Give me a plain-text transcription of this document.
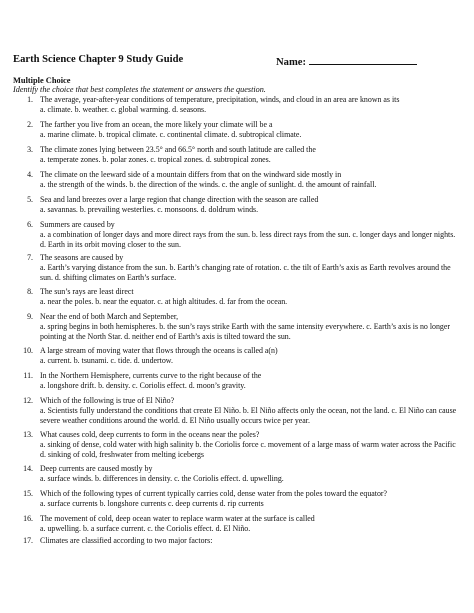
Earth Science Chapter 9 Study Guide	Name:
Multiple Choice
Identify the choice that best completes the statement or answers the question.
1. The average, year-after-year conditions of temperature, precipitation, winds, and cloud in an area are known as its
a. climate. b. weather. c. global warming. d. seasons.
2. The farther you live from an ocean, the more likely your climate will be a
a. marine climate. b. tropical climate. c. continental climate. d. subtropical climate.
3. The climate zones lying between 23.5° and 66.5° north and south latitude are called the
a. temperate zones. b. polar zones. c. tropical zones. d. subtropical zones.
4. The climate on the leeward side of a mountain differs from that on the windward side mostly in
a. the strength of the winds. b. the direction of the winds. c. the angle of sunlight. d. the amount of rainfall.
5. Sea and land breezes over a large region that change direction with the season are called
a. savannas. b. prevailing westerlies. c. monsoons. d. doldrum winds.
6. Summers are caused by
a. a combination of longer days and more direct rays from the sun. b. less direct rays from the sun. c. longer days and longer nights. d. Earth in its orbit moving closer to the sun.
7. The seasons are caused by
a. Earth’s varying distance from the sun. b. Earth’s changing rate of rotation. c. the tilt of Earth’s axis as Earth revolves around the sun. d. shifting climates on Earth’s surface.
8. The sun’s rays are least direct
a. near the poles. b. near the equator. c. at high altitudes. d. far from the ocean.
9. Near the end of both March and September,
a. spring begins in both hemispheres. b. the sun’s rays strike Earth with the same intensity everywhere. c. Earth’s axis is no longer pointing at the North Star. d. neither end of Earth’s axis is tilted toward the sun.
10. A large stream of moving water that flows through the oceans is called a(n)
a. current. b. tsunami. c. tide. d. undertow.
11. In the Northern Hemisphere, currents curve to the right because of the
a. longshore drift. b. density. c. Coriolis effect. d. moon’s gravity.
12. Which of the following is true of El Niño?
a. Scientists fully understand the conditions that create El Niño. b. El Niño affects only the ocean, not the land. c. El Niño can cause severe weather conditions around the world. d. El Niño usually occurs twice per year.
13. What causes cold, deep currents to form in the oceans near the poles?
a. sinking of dense, cold water with high salinity b. the Coriolis force c. movement of a large mass of warm water across the Pacific d. sinking of cold, freshwater from melting icebergs
14. Deep currents are caused mostly by
a. surface winds. b. differences in density. c. the Coriolis effect. d. upwelling.
15. Which of the following types of current typically carries cold, dense water from the poles toward the equator?
a. surface currents b. longshore currents c. deep currents d. rip currents
16. The movement of cold, deep ocean water to replace warm water at the surface is called
a. upwelling. b. a surface current. c. the Coriolis effect. d. El Niño.
17. Climates are classified according to two major factors:
